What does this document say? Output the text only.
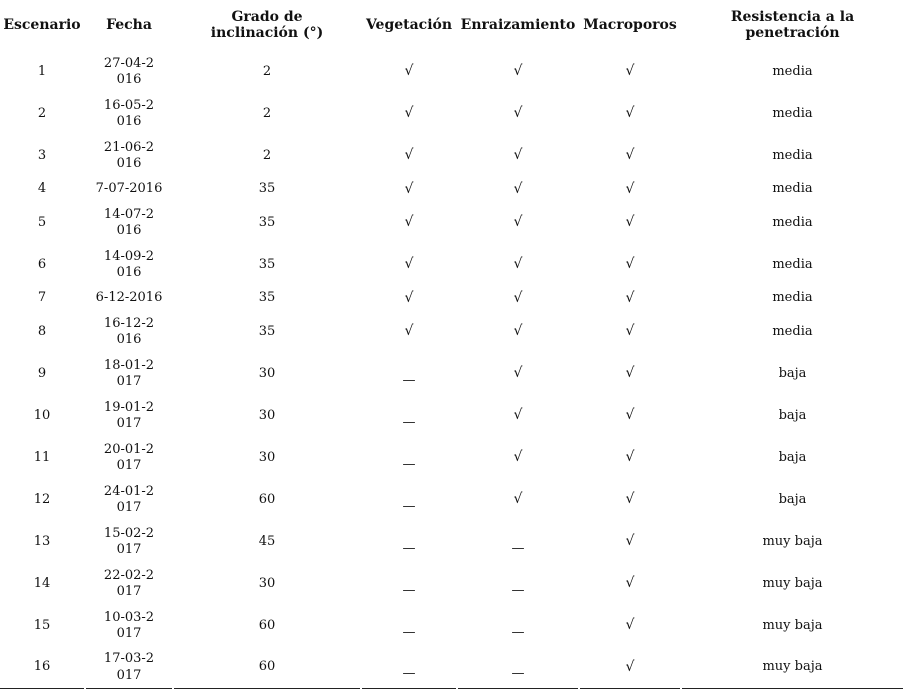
Escenario	Fecha	Grado de inclinación (°)	Vegetación	Enraizamiento	Macroporos	Resistencia a la penetración
1	27-04-2016	2	√	√	√	media
2	16-05-2016	2	√	√	√	media
3	21-06-2016	2	√	√	√	media
4	7-07-2016	35	√	√	√	media
5	14-07-2016	35	√	√	√	media
6	14-09-2016	35	√	√	√	media
7	6-12-2016	35	√	√	√	media
8	16-12-2016	35	√	√	√	media
9	18-01-2017	30	—	√	√	baja
10	19-01-2017	30	—	√	√	baja
11	20-01-2017	30	—	√	√	baja
12	24-01-2017	60	—	√	√	baja
13	15-02-2017	45	—	—	√	muy baja
14	22-02-2017	30	—	—	√	muy baja
15	10-03-2017	60	—	—	√	muy baja
16	17-03-2017	60	—	—	√	muy baja
